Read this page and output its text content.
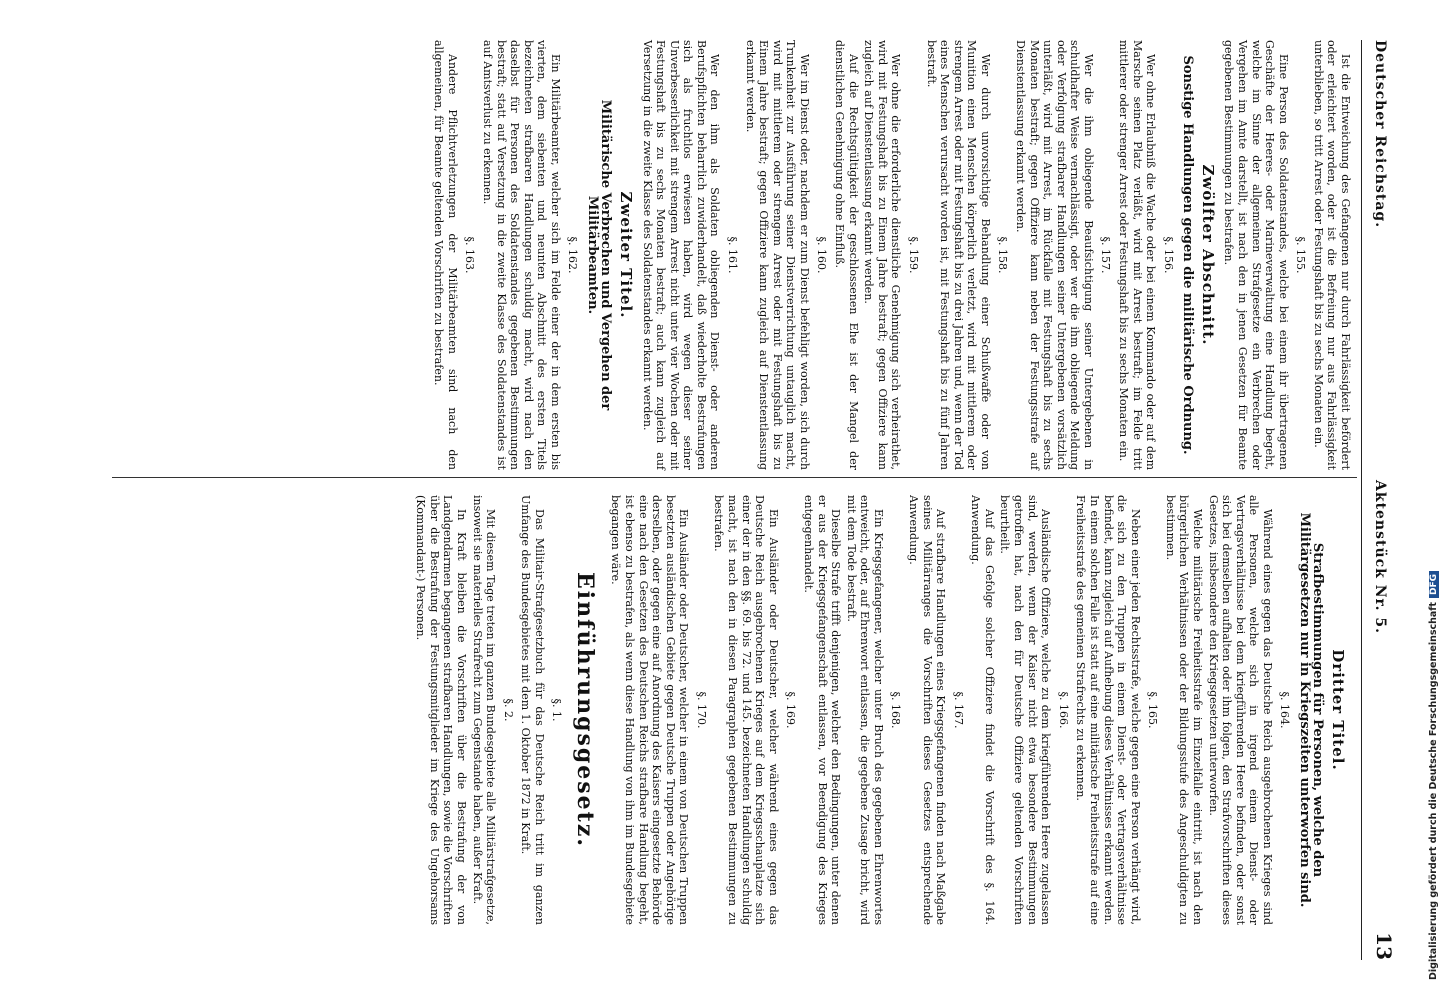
Deutscher Reichstag.
Aktenstück Nr. 5.
13

Ist die Entweichung des Gefangenen nur durch Fahrlässigkeit befördert oder erleichtert worden, oder ist die Befreiung nur aus Fahrlässigkeit unterblieben, so tritt Arrest oder Festungshaft bis zu sechs Monaten ein.

§. 155.

Eine Person des Soldatenstandes, welche bei einem ihr übertragenen Geschäfte der Heeres- oder Marineverwaltung eine Handlung begeht, welche im Sinne der allgemeinen Strafgesetze ein Verbrechen oder Vergehen im Amte darstellt, ist nach den in jenen Gesetzen für Beamte gegebenen Bestimmungen zu bestrafen.

Zwölfter Abschnitt.
Sonstige Handlungen gegen die militärische Ordnung.
§. 156.

Wer ohne Erlaubniß die Wache oder bei einem Kommando oder auf dem Marsche seinen Platz verläßt, wird mit Arrest bestraft; im Felde tritt mittlerer oder strenger Arrest oder Festungshaft bis zu sechs Monaten ein.

§. 157.

Wer die ihm obliegende Beaufsichtigung seiner Untergebenen in schuldhafter Weise vernachlässigt, oder wer die ihm obliegende Meldung oder Verfolgung strafbarer Handlungen seiner Untergebenen vorsätzlich unterläßt, wird mit Arrest, im Rückfalle mit Festungshaft bis zu sechs Monaten bestraft; gegen Offiziere kann neben der Festungsstrafe auf Dienstentlassung erkannt werden.

§. 158.

Wer durch unvorsichtige Behandlung einer Schußwaffe oder von Munition einen Menschen körperlich verletzt, wird mit mittlerem oder strengem Arrest oder mit Festungshaft bis zu drei Jahren und, wenn der Tod eines Menschen verursacht worden ist, mit Festungshaft bis zu fünf Jahren bestraft.

§. 159.

Wer ohne die erforderliche dienstliche Genehmigung sich verheirathet, wird mit Festungshaft bis zu Einem Jahre bestraft; gegen Offiziere kann zugleich auf Dienstentlassung erkannt werden.

Auf die Rechtsgültigkeit der geschlossenen Ehe ist der Mangel der dienstlichen Genehmigung ohne Einfluß.

§. 160.

Wer im Dienst oder, nachdem er zum Dienst befehligt worden, sich durch Trunkenheit zur Ausführung seiner Dienstverrichtung untauglich macht, wird mit mittlerem oder strengem Arrest oder mit Festungshaft bis zu Einem Jahre bestraft; gegen Offiziere kann zugleich auf Dienstentlassung erkannt werden.

§. 161.

Wer den ihm als Soldaten obliegenden Dienst- oder anderen Berufspflichten beharrlich zuwiderhandelt, daß wiederholte Bestrafungen sich als fruchtlos erwiesen haben, wird wegen dieser seiner Unverbesserlichkeit mit strengem Arrest nicht unter vier Wochen oder mit Festungshaft bis zu sechs Monaten bestraft; auch kann zugleich auf Versetzung in die zweite Klasse des Soldatenstandes erkannt werden.

Zweiter Titel.
Militärische Verbrechen und Vergehen der Militärbeamten.
§. 162.

Ein Militärbeamter, welcher sich im Felde einer der in dem ersten bis vierten, dem siebenten und neunten Abschnitt des ersten Titels bezeichneten strafbaren Handlungen schuldig macht, wird nach den daselbst für Personen des Soldatenstandes gegebenen Bestimmungen bestraft; statt auf Versetzung in die zweite Klasse des Soldatenstandes ist auf Amtsverlust zu erkennen.

§. 163.

Andere Pflichtverletzungen der Militärbeamten sind nach den allgemeinen, für Beamte geltenden Vorschriften zu bestrafen.

Dritter Titel.
Strafbestimmungen für Personen, welche den Militärgesetzen nur in Kriegszeiten unterworfen sind.
§. 164.

Während eines gegen das Deutsche Reich ausgebrochenen Krieges sind alle Personen, welche sich in irgend einem Dienst- oder Vertragsverhältnisse bei dem kriegführenden Heere befinden, oder sonst sich bei demselben aufhalten oder ihm folgen, den Strafvorschriften dieses Gesetzes, insbesondere den Kriegsgesetzen unterworfen.

Welche militärische Freiheitsstrafe im Einzelfalle eintritt, ist nach den bürgerlichen Verhältnissen oder der Bildungsstufe des Angeschuldigten zu bestimmen.

§. 165.

Neben einer jeden Rechtsstrafe, welche gegen eine Person verhängt wird, die sich zu den Truppen in einem Dienst- oder Vertragsverhältnisse befindet, kann zugleich auf Aufhebung dieses Verhältnisses erkannt werden. In einem solchen Falle ist statt auf eine militärische Freiheitsstrafe auf eine Freiheitsstrafe des gemeinen Strafrechts zu erkennen.

§. 166.

Ausländische Offiziere, welche zu dem kriegführenden Heere zugelassen sind, werden, wenn der Kaiser nicht etwa besondere Bestimmungen getroffen hat, nach den für Deutsche Offiziere geltenden Vorschriften beurtheilt.

Auf das Gefolge solcher Offiziere findet die Vorschrift des §. 164. Anwendung.

§. 167.

Auf strafbare Handlungen eines Kriegsgefangenen finden nach Maßgabe seines Militärranges die Vorschriften dieses Gesetzes entsprechende Anwendung.

§. 168.

Ein Kriegsgefangener, welcher unter Bruch des gegebenen Ehrenwortes entweicht, oder, auf Ehrenwort entlassen, die gegebene Zusage bricht, wird mit dem Tode bestraft.

Dieselbe Strafe trifft denjenigen, welcher den Bedingungen, unter denen er aus der Kriegsgefangenschaft entlassen, vor Beendigung des Krieges entgegenhandelt.

§. 169.

Ein Ausländer oder Deutscher, welcher während eines gegen das Deutsche Reich ausgebrochenen Krieges auf dem Kriegsschauplatze sich einer der in den §§. 69. bis 72. und 145. bezeichneten Handlungen schuldig macht, ist nach den in diesen Paragraphen gegebenen Bestimmungen zu bestrafen.

§. 170.

Ein Ausländer oder Deutscher, welcher in einem von Deutschen Truppen besetzten ausländischen Gebiete gegen Deutsche Truppen oder Angehörige derselben, oder gegen eine auf Anordnung des Kaisers eingesetzte Behörde eine nach den Gesetzen des Deutschen Reichs strafbare Handlung begeht, ist ebenso zu bestrafen, als wenn diese Handlung von ihm im Bundesgebiete begangen wäre.

Einführungsgesetz.
§. 1.

Das Militair-Strafgesetzbuch für das Deutsche Reich tritt im ganzen Umfange des Bundesgebietes mit dem 1. Oktober 1872 in Kraft.

§. 2.

Mit diesem Tage treten im ganzen Bundesgebiete alle Militärstrafgesetze, insoweit sie materielles Strafrecht zum Gegenstande haben, außer Kraft.

In Kraft bleiben die Vorschriften über die Bestrafung der von Landgendarmen begangenen strafbaren Handlungen, sowie die Vorschriften über die Bestrafung der Festungsmitglieder im Kriege des Ungehorsams (Kommandant-) Personen.

Digitalisierung gefördert durch die Deutsche ForschungsgemeinschaftDFG
